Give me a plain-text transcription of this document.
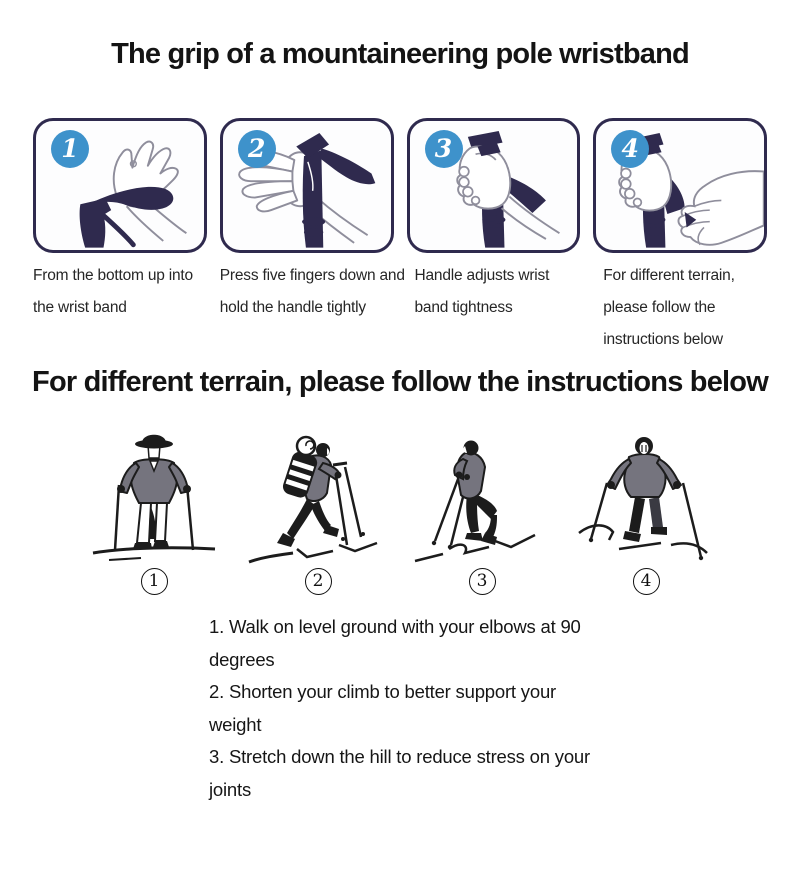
The grip of a mountaineering pole wristband
1
From the bottom up into the wrist band
2
Press five fingers down and hold the handle tightly
3
Handle adjusts wrist band tightness
4
For different terrain, please follow the instructions below
For different terrain, please follow the instructions below
1	2	3	4

1. Walk on level ground with your elbows at 90 degrees

2. Shorten your climb to better support your weight

3. Stretch down the hill to reduce stress on your joints
